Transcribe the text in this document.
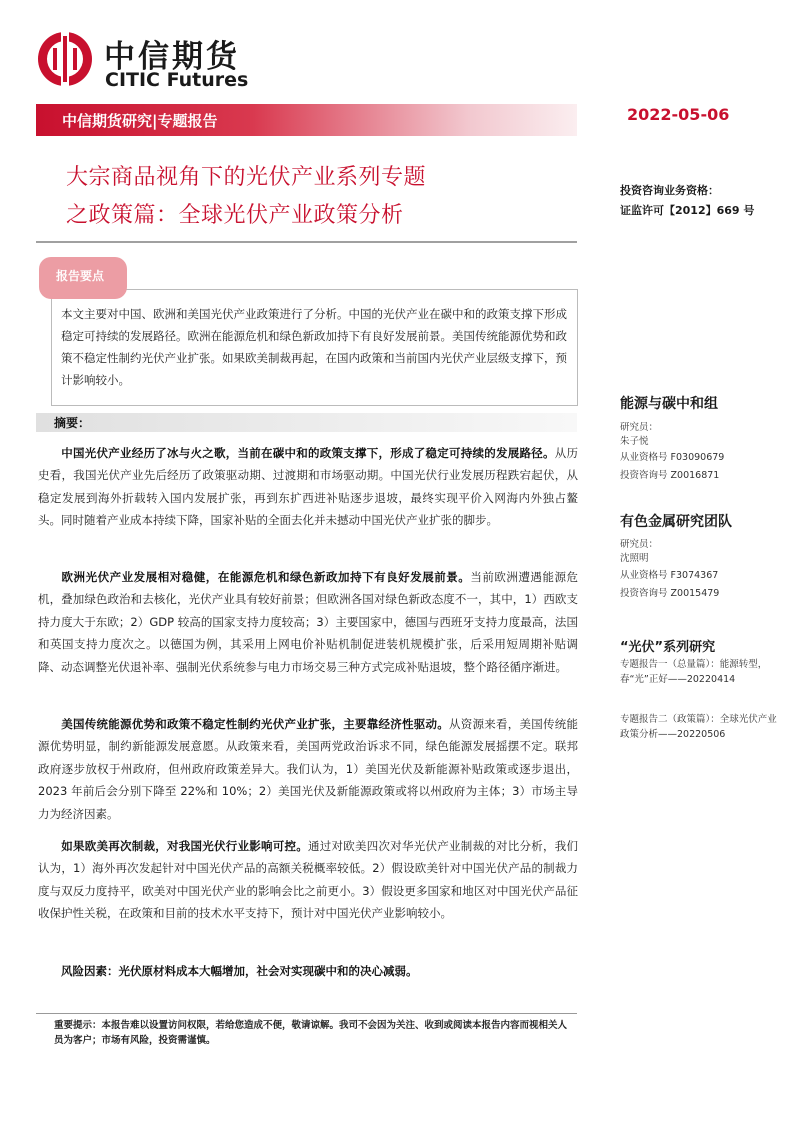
中信期货
CITIC Futures
中信期货研究|专题报告	2022-05-06
大宗商品视角下的光伏产业系列专题
之政策篇：全球光伏产业政策分析
投资咨询业务资格：
证监许可【2012】669 号
报告要点
本文主要对中国、欧洲和美国光伏产业政策进行了分析。中国的光伏产业在碳中和的政策支撑下形成稳定可持续的发展路径。欧洲在能源危机和绿色新政加持下有良好发展前景。美国传统能源优势和政策不稳定性制约光伏产业扩张。如果欧美制裁再起，在国内政策和当前国内光伏产业层级支撑下，预计影响较小。
摘要：
中国光伏产业经历了冰与火之歌，当前在碳中和的政策支撑下，形成了稳定可持续的发展路径。从历史看，我国光伏产业先后经历了政策驱动期、过渡期和市场驱动期。中国光伏行业发展历程跌宕起伏，从稳定发展到海外折载转入国内发展扩张，再到东扩西进补贴逐步退坡，最终实现平价入网海内外独占鳌头。同时随着产业成本持续下降，国家补贴的全面去化并未撼动中国光伏产业扩张的脚步。
欧洲光伏产业发展相对稳健，在能源危机和绿色新政加持下有良好发展前景。当前欧洲遭遇能源危机，叠加绿色政治和去核化，光伏产业具有较好前景；但欧洲各国对绿色新政态度不一，其中，1）西欧支持力度大于东欧；2）GDP 较高的国家支持力度较高；3）主要国家中，德国与西班牙支持力度最高，法国和英国支持力度次之。以德国为例，其采用上网电价补贴机制促进装机规模扩张，后采用短周期补贴调降、动态调整光伏退补率、强制光伏系统参与电力市场交易三种方式完成补贴退坡，整个路径循序渐进。
美国传统能源优势和政策不稳定性制约光伏产业扩张，主要靠经济性驱动。从资源来看，美国传统能源优势明显，制约新能源发展意愿。从政策来看，美国两党政治诉求不同，绿色能源发展摇摆不定。联邦政府逐步放权于州政府，但州政府政策差异大。我们认为，1）美国光伏及新能源补贴政策或逐步退出，2023 年前后会分别下降至 22%和 10%；2）美国光伏及新能源政策或将以州政府为主体；3）市场主导力为经济因素。
如果欧美再次制裁，对我国光伏行业影响可控。通过对欧美四次对华光伏产业制裁的对比分析，我们认为，1）海外再次发起针对中国光伏产品的高额关税概率较低。2）假设欧美针对中国光伏产品的制裁力度与双反力度持平，欧美对中国光伏产业的影响会比之前更小。3）假设更多国家和地区对中国光伏产品征收保护性关税，在政策和目前的技术水平支持下，预计对中国光伏产业影响较小。
风险因素：光伏原材料成本大幅增加，社会对实现碳中和的决心减弱。
能源与碳中和组
研究员：
朱子悦
从业资格号 F03090679
投资咨询号 Z0016871
有色金属研究团队
研究员：
沈照明
从业资格号 F3074367
投资咨询号 Z0015479
“光伏”系列研究
专题报告一（总量篇）：能源转型，春“光”正好——20220414
专题报告二（政策篇）：全球光伏产业政策分析——20220506
重要提示：本报告难以设置访问权限，若给您造成不便，敬请谅解。我司不会因为关注、收到或阅读本报告内容而视相关人员为客户；市场有风险，投资需谨慎。
